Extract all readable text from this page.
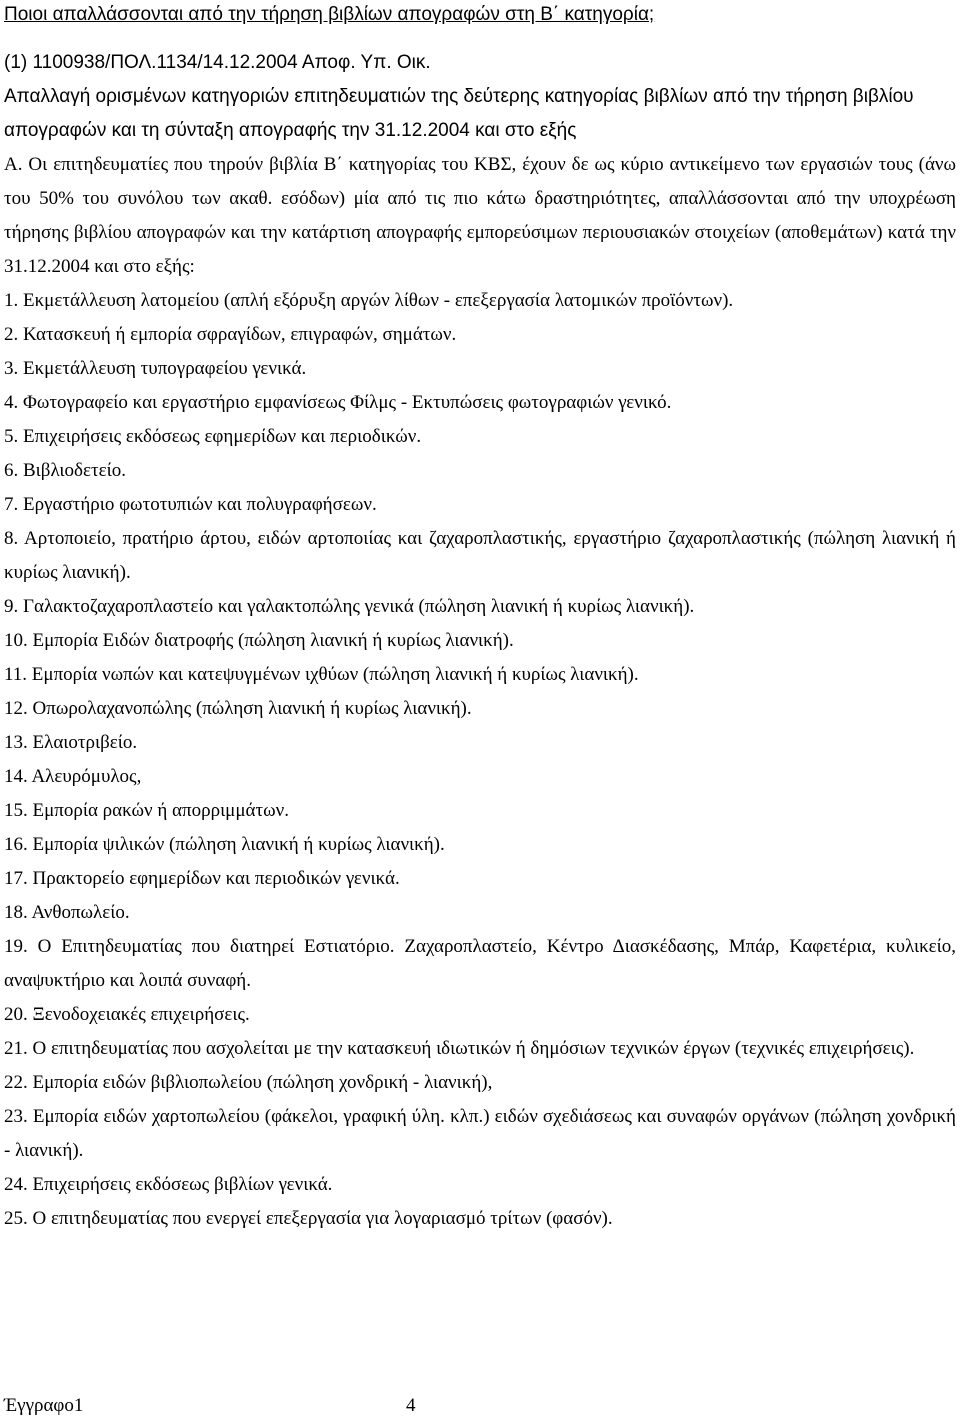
Ποιοι απαλλάσσονται από την τήρηση βιβλίων απογραφών στη Β΄ κατηγορία;
(1) 1100938/ΠΟΛ.1134/14.12.2004 Αποφ. Υπ. Οικ.
Απαλλαγή ορισμένων κατηγοριών επιτηδευματιών της δεύτερης κατηγορίας βιβλίων από την τήρηση βιβλίου απογραφών και τη σύνταξη απογραφής την 31.12.2004 και στο εξής

Α. Οι επιτηδευματίες που τηρούν βιβλία Β΄ κατηγορίας του ΚΒΣ, έχουν δε ως κύριο αντικείμενο των εργασιών τους (άνω του 50% του συνόλου των ακαθ. εσόδων) μία από τις πιο κάτω δραστηριότητες, απαλλάσσονται από την υποχρέωση τήρησης βιβλίου απογραφών και την κατάρτιση απογραφής εμπορεύσιμων περιουσιακών στοιχείων (αποθεμάτων) κατά την 31.12.2004 και στο εξής:

1. Εκμετάλλευση λατομείου (απλή εξόρυξη αργών λίθων - επεξεργασία λατομικών προϊόντων).
2. Κατασκευή ή εμπορία σφραγίδων, επιγραφών, σημάτων.
3. Εκμετάλλευση τυπογραφείου γενικά.
4. Φωτογραφείο και εργαστήριο εμφανίσεως Φίλμς - Εκτυπώσεις φωτογραφιών γενικό.
5. Επιχειρήσεις εκδόσεως εφημερίδων και περιοδικών.
6. Βιβλιοδετείο.
7. Εργαστήριο φωτοτυπιών και πολυγραφήσεων.
8. Αρτοποιείο, πρατήριο άρτου, ειδών αρτοποιίας και ζαχαροπλαστικής, εργαστήριο ζαχαροπλαστικής (πώληση λιανική ή κυρίως λιανική).
9. Γαλακτοζαχαροπλαστείο και γαλακτοπώλης γενικά (πώληση λιανική ή κυρίως λιανική).
10. Εμπορία Ειδών διατροφής (πώληση λιανική ή κυρίως λιανική).
11. Εμπορία νωπών και κατεψυγμένων ιχθύων (πώληση λιανική ή κυρίως λιανική).
12. Οπωρολαχανοπώλης (πώληση λιανική ή κυρίως λιανική).
13. Ελαιοτριβείο.
14. Αλευρόμυλος,
15. Εμπορία ρακών ή απορριμμάτων.
16. Εμπορία ψιλικών (πώληση λιανική ή κυρίως λιανική).
17. Πρακτορείο εφημερίδων και περιοδικών γενικά.
18. Ανθοπωλείο.
19. Ο Επιτηδευματίας που διατηρεί Εστιατόριο. Ζαχαροπλαστείο, Κέντρο Διασκέδασης, Μπάρ, Καφετέρια, κυλικείο, αναψυκτήριο και λοιπά συναφή.
20. Ξενοδοχειακές επιχειρήσεις.
21. Ο επιτηδευματίας που ασχολείται με την κατασκευή ιδιωτικών ή δημόσιων τεχνικών έργων (τεχνικές επιχειρήσεις).
22. Εμπορία ειδών βιβλιοπωλείου (πώληση χονδρική - λιανική),
23. Εμπορία ειδών χαρτοπωλείου (φάκελοι, γραφική ύλη. κλπ.) ειδών σχεδιάσεως και συναφών οργάνων (πώληση χονδρική - λιανική).
24. Επιχειρήσεις εκδόσεως βιβλίων γενικά.
25. Ο επιτηδευματίας που ενεργεί επεξεργασία για λογαριασμό τρίτων (φασόν).
Έγγραφο1	4
